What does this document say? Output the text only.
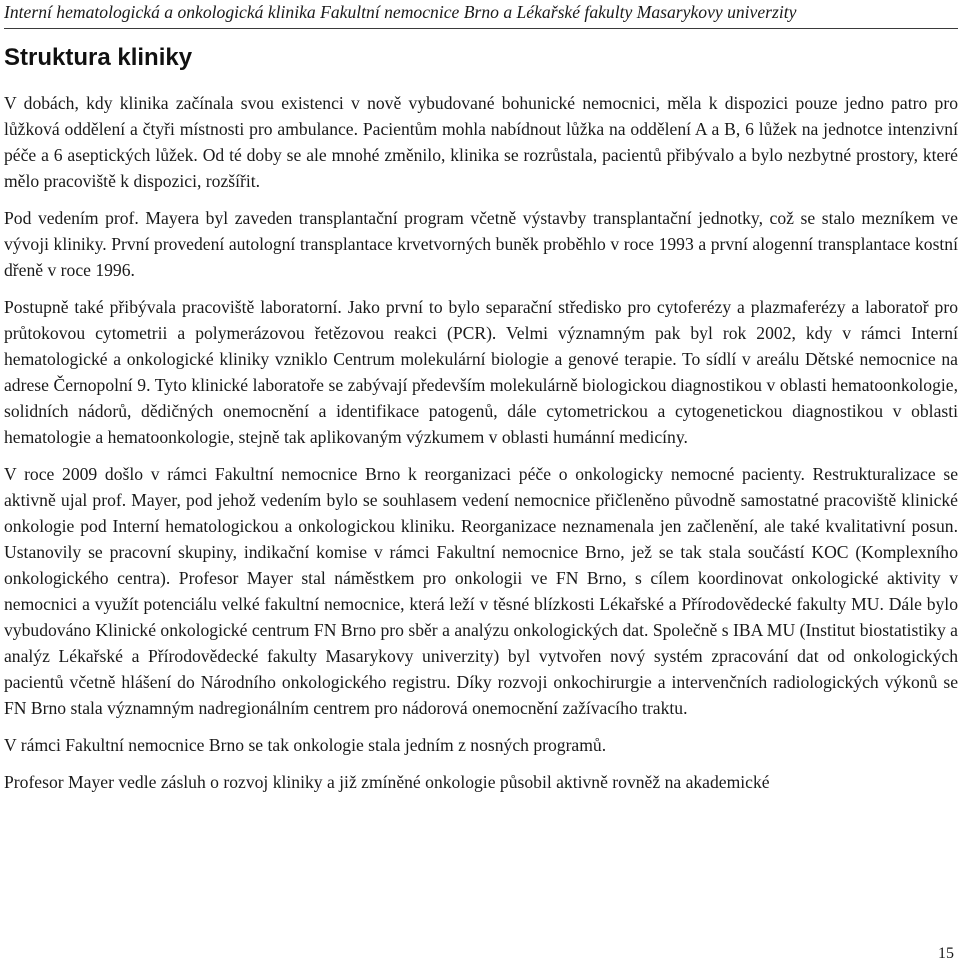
Interní hematologická a onkologická klinika Fakultní nemocnice Brno a Lékařské fakulty Masarykovy univerzity
Struktura kliniky

V dobách, kdy klinika začínala svou existenci v nově vybudované bohunické nemocnici, měla k dispozici pouze jedno patro pro lůžková oddělení a čtyři místnosti pro ambulance. Pacientům mohla nabídnout lůžka na oddělení A a B, 6 lůžek na jednotce intenzivní péče a 6 aseptických lůžek. Od té doby se ale mnohé změnilo, klinika se rozrůstala, pacientů přibývalo a bylo nezbytné prostory, které mělo pracoviště k dispozici, rozšířit.

Pod vedením prof. Mayera byl zaveden transplantační program včetně výstavby transplantační jednotky, což se stalo mezníkem ve vývoji kliniky. První provedení autologní transplantace krvetvorných buněk proběhlo v roce 1993 a první alogenní transplantace kostní dřeně v roce 1996.

Postupně také přibývala pracoviště laboratorní. Jako první to bylo separační středisko pro cytoferézy a plazmaferézy a laboratoř pro průtokovou cytometrii a polymerázovou řetězovou reakci (PCR). Velmi významným pak byl rok 2002, kdy v rámci Interní hematologické a onkologické kliniky vzniklo Centrum molekulární biologie a genové terapie. To sídlí v areálu Dětské nemocnice na adrese Černopolní 9. Tyto klinické laboratoře se zabývají především molekulárně biologickou diagnostikou v oblasti hematoonkologie, solidních nádorů, dědičných onemocnění a identifikace patogenů, dále cytometrickou a cytogenetickou diagnostikou v oblasti hematologie a hematoonkologie, stejně tak aplikovaným výzkumem v oblasti humánní medicíny.

V roce 2009 došlo v rámci Fakultní nemocnice Brno k reorganizaci péče o onkologicky nemocné pacienty. Restrukturalizace se aktivně ujal prof. Mayer, pod jehož vedením bylo se souhlasem vedení nemocnice přičleněno původně samostatné pracoviště klinické onkologie pod Interní hematologickou a onkologickou kliniku. Reorganizace neznamenala jen začlenění, ale také kvalitativní posun. Ustanovily se pracovní skupiny, indikační komise v rámci Fakultní nemocnice Brno, jež se tak stala součástí KOC (Komplexního onkologického centra). Profesor Mayer stal náměstkem pro onkologii ve FN Brno, s cílem koordinovat onkologické aktivity v nemocnici a využít potenciálu velké fakultní nemocnice, která leží v těsné blízkosti Lékařské a Přírodovědecké fakulty MU. Dále bylo vybudováno Klinické onkologické centrum FN Brno pro sběr a analýzu onkologických dat. Společně s IBA MU (Institut biostatistiky a analýz Lékařské a Přírodovědecké fakulty Masarykovy univerzity) byl vytvořen nový systém zpracování dat od onkologických pacientů včetně hlášení do Národního onkologického registru. Díky rozvoji onkochirurgie a intervenčních radiologických výkonů se FN Brno stala významným nadregionálním centrem pro nádorová onemocnění zažívacího traktu.

V rámci Fakultní nemocnice Brno se tak onkologie stala jedním z nosných programů.

Profesor Mayer vedle zásluh o rozvoj kliniky a již zmíněné onkologie působil aktivně rovněž na akademické

15
